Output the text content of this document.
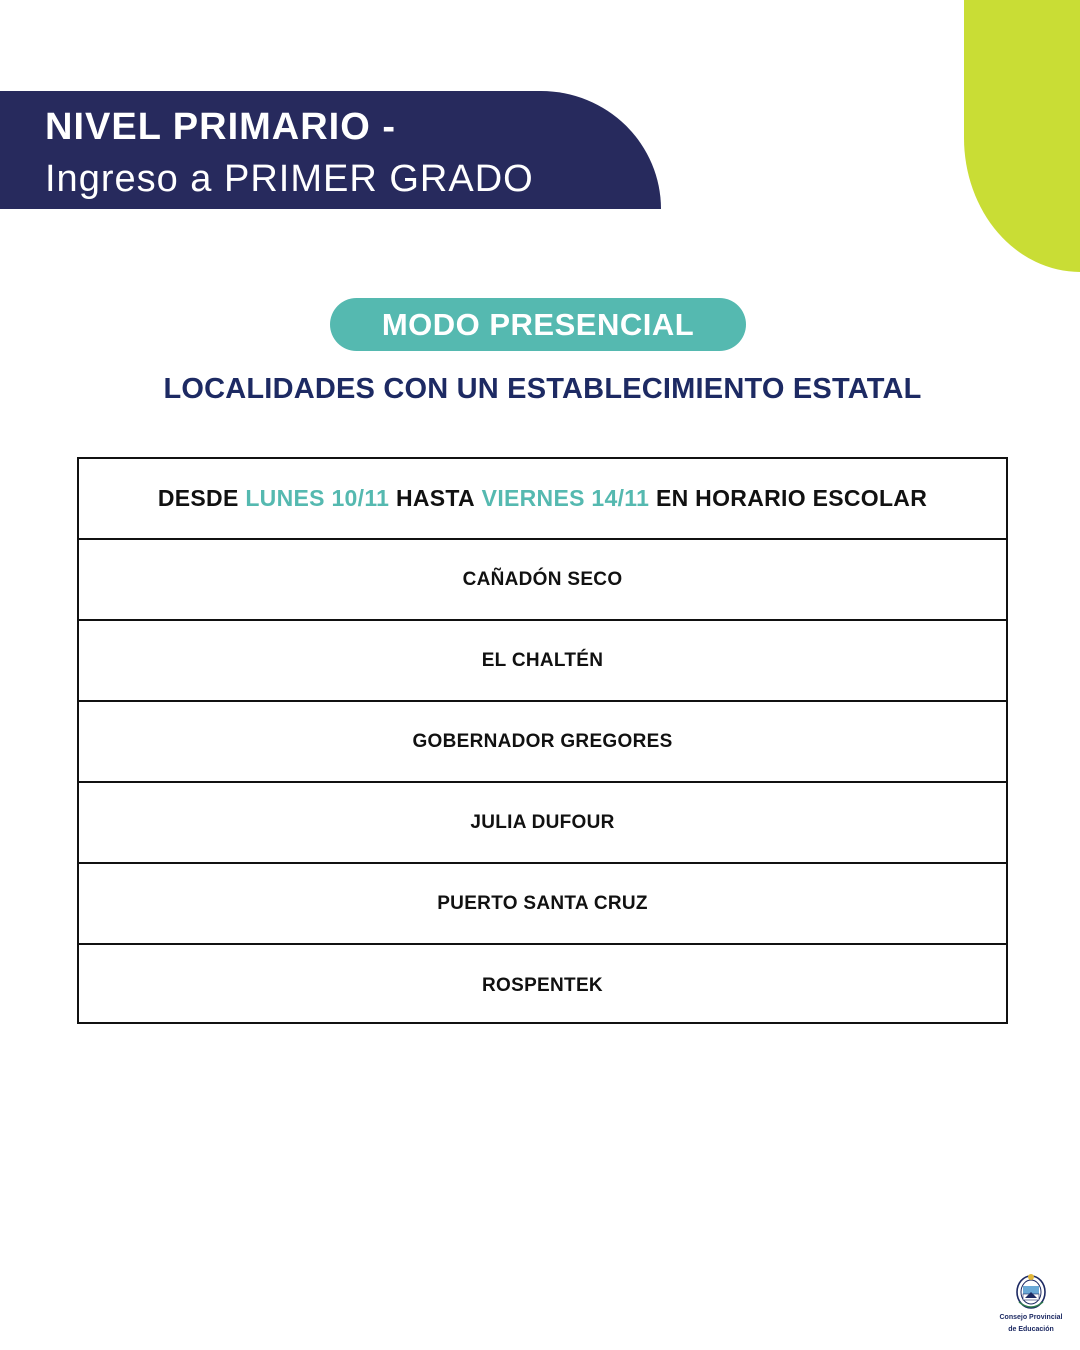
NIVEL PRIMARIO -
Ingreso a PRIMER GRADO
MODO PRESENCIAL
LOCALIDADES CON UN ESTABLECIMIENTO ESTATAL
DESDE
LUNES 10/11
HASTA
VIERNES 14/11
EN HORARIO ESCOLAR
CAÑADÓN SECO
EL CHALTÉN
GOBERNADOR GREGORES
JULIA DUFOUR
PUERTO SANTA CRUZ
ROSPENTEK
Consejo Provincial
de Educación
